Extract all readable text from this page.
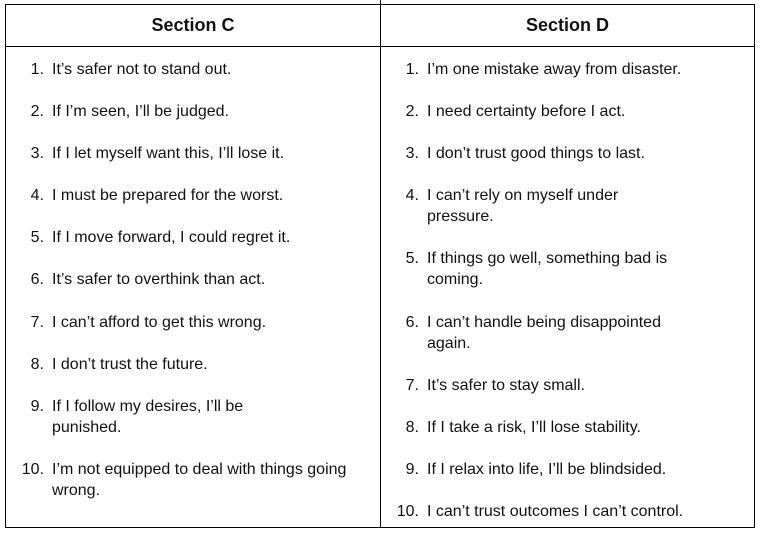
Section C	Section D
1. It’s safer not to stand out.
2. If I’m seen, I’ll be judged.
3. If I let myself want this, I’ll lose it.
4. I must be prepared for the worst.
5. If I move forward, I could regret it.
6. It’s safer to overthink than act.
7. I can’t afford to get this wrong.
8. I don’t trust the future.
9. If I follow my desires, I’ll be punished.
10. I’m not equipped to deal with things going wrong.
1. I’m one mistake away from disaster.
2. I need certainty before I act.
3. I don’t trust good things to last.
4. I can’t rely on myself under pressure.
5. If things go well, something bad is coming.
6. I can’t handle being disappointed again.
7. It’s safer to stay small.
8. If I take a risk, I’ll lose stability.
9. If I relax into life, I’ll be blindsided.
10. I can’t trust outcomes I can’t control.
